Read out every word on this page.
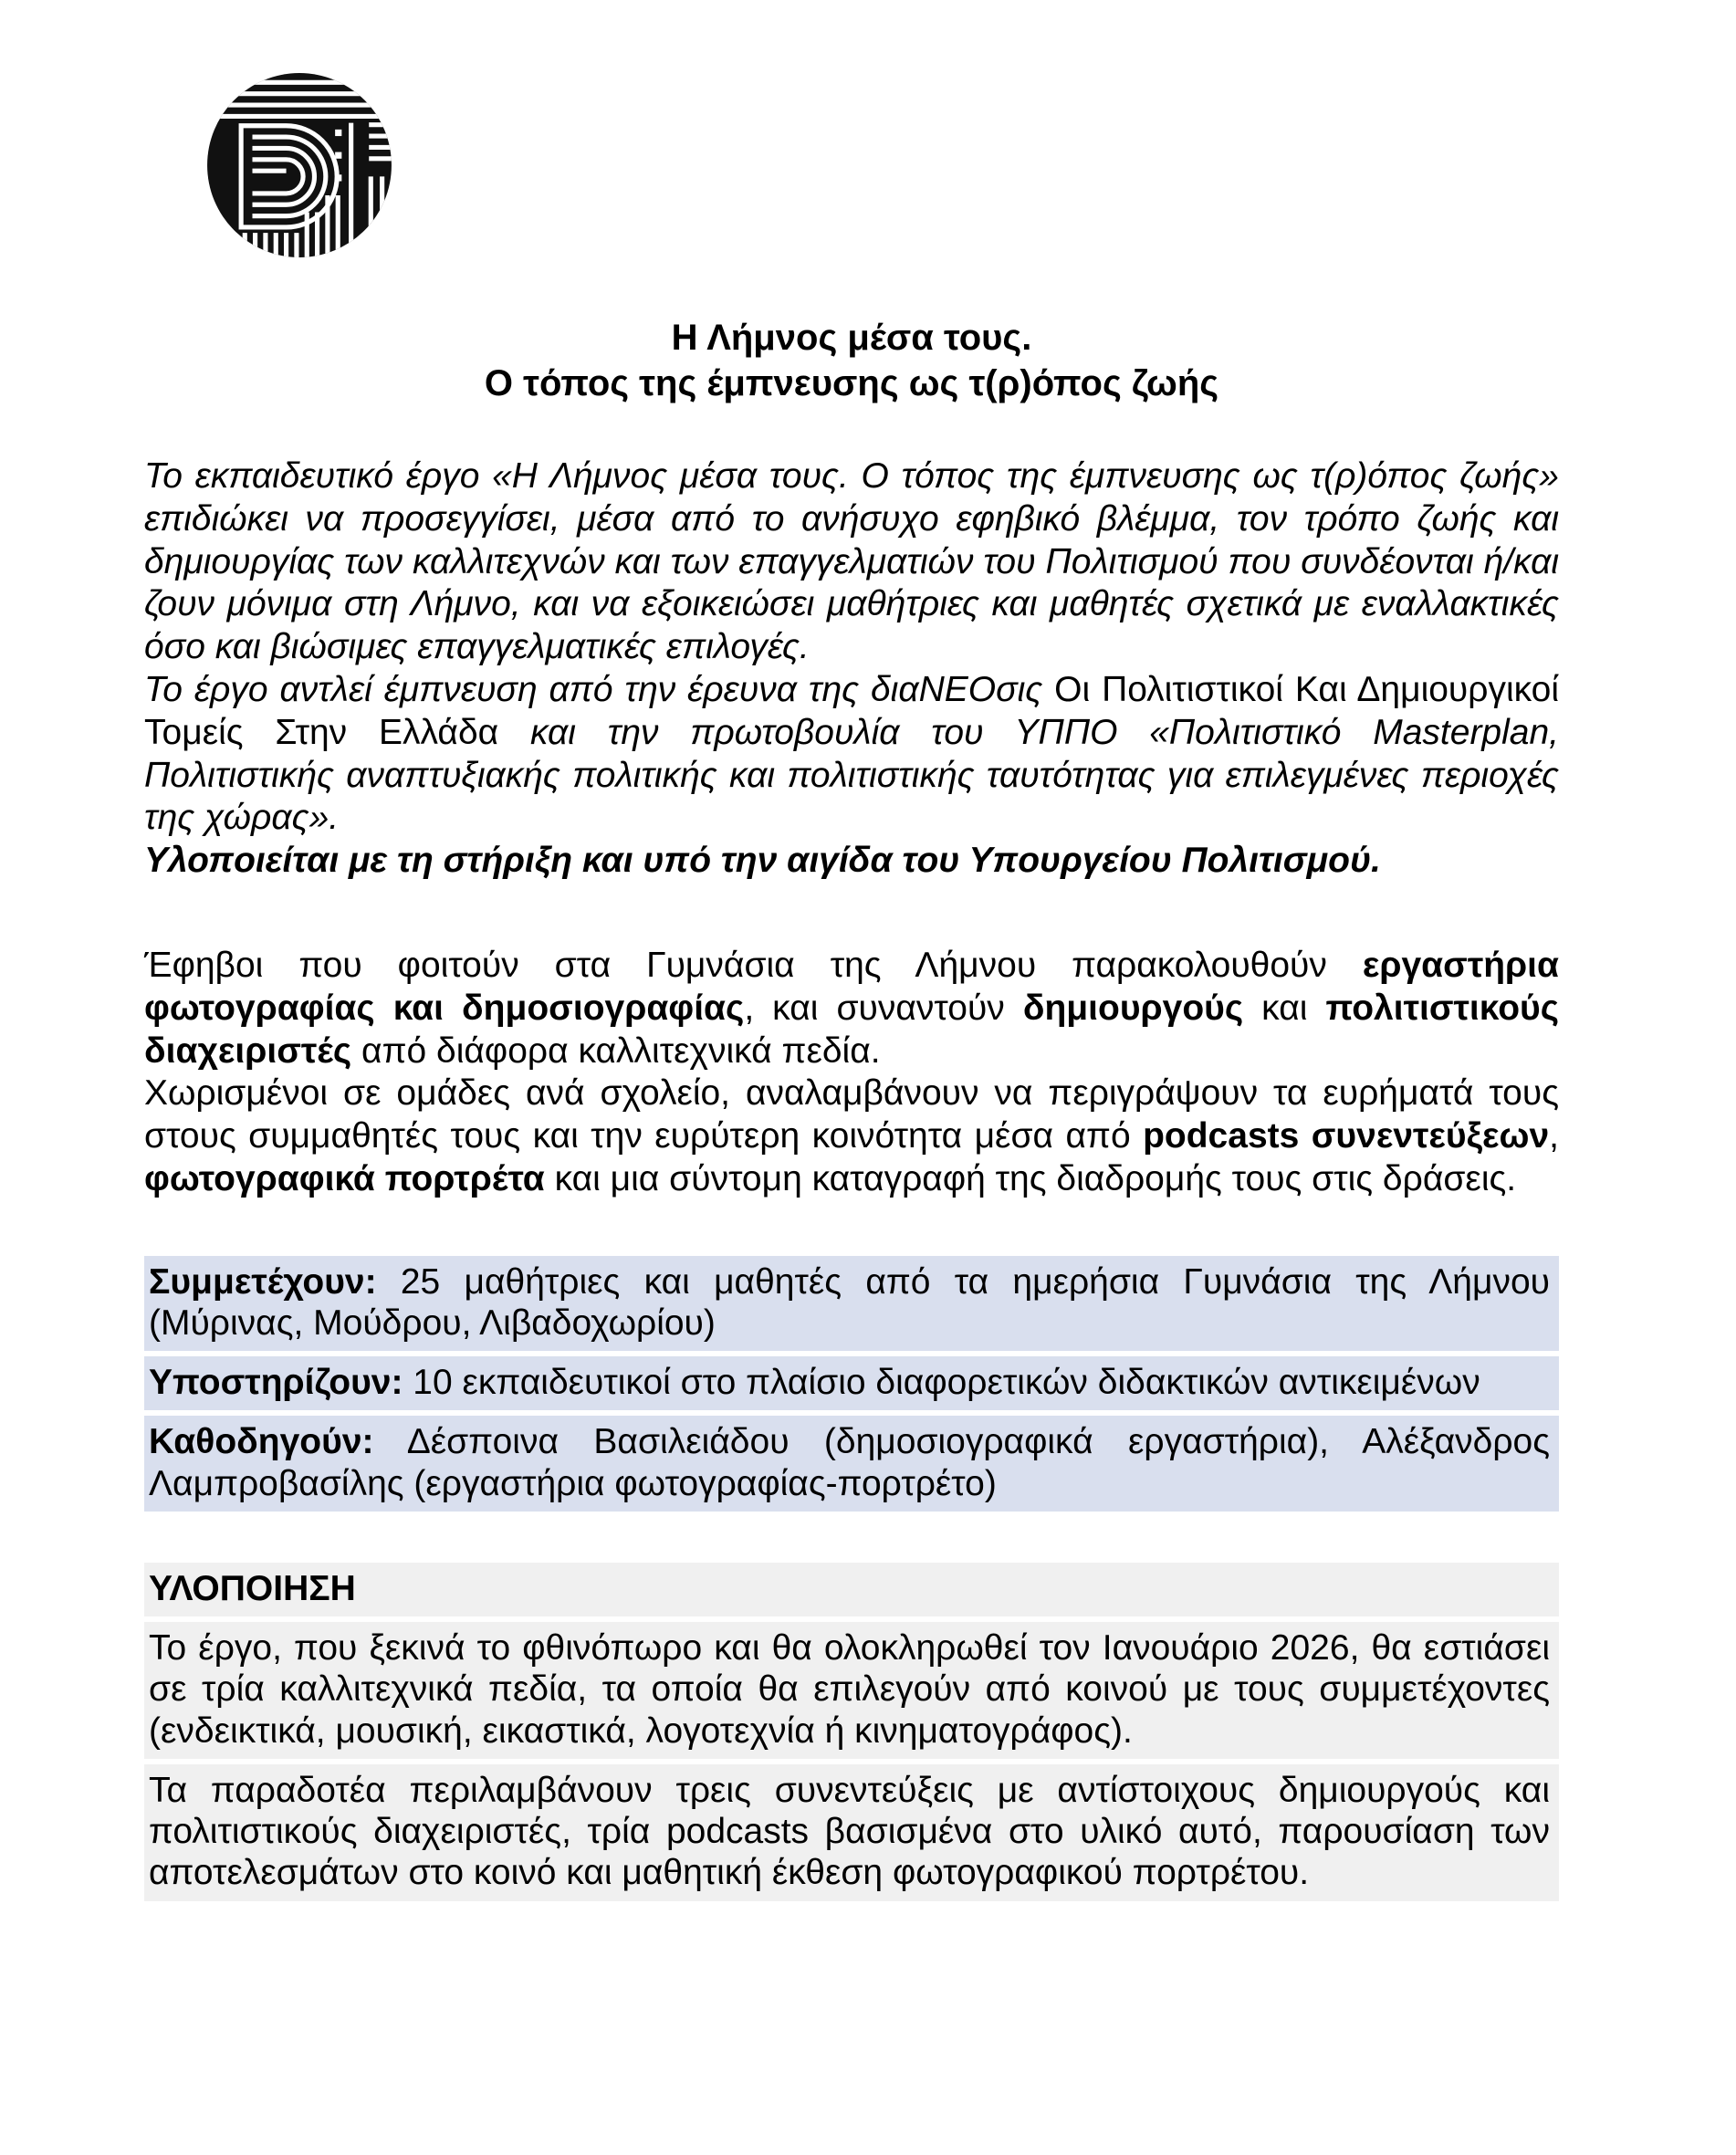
Η Λήμνος μέσα τους.
Ο τόπος της έμπνευσης ως τ(ρ)όπος ζωής

Το εκπαιδευτικό έργο «Η Λήμνος μέσα τους. Ο τόπος της έμπνευσης ως τ(ρ)όπος ζωής» επιδιώκει να προσεγγίσει, μέσα από το ανήσυχο εφηβικό βλέμμα, τον τρόπο ζωής και δημιουργίας των καλλιτεχνών και των επαγγελματιών του Πολιτισμού που συνδέονται ή/και ζουν μόνιμα στη Λήμνο, και να εξοικειώσει μαθήτριες και μαθητές σχετικά με εναλλακτικές όσο και βιώσιμες επαγγελματικές επιλογές.

Το έργο αντλεί έμπνευση από την έρευνα της διαΝΕΟσις Οι Πολιτιστικοί Και Δημιουργικοί Τομείς Στην Ελλάδα και την πρωτοβουλία του ΥΠΠΟ «Πολιτιστικό Masterplan, Πολιτιστικής αναπτυξιακής πολιτικής και πολιτιστικής ταυτότητας για επιλεγμένες περιοχές της χώρας».

Υλοποιείται με τη στήριξη και υπό την αιγίδα του Υπουργείου Πολιτισμού.

Έφηβοι που φοιτούν στα Γυμνάσια της Λήμνου παρακολουθούν εργαστήρια φωτογραφίας και δημοσιογραφίας, και συναντούν δημιουργούς και πολιτιστικούς διαχειριστές από διάφορα καλλιτεχνικά πεδία.

Χωρισμένοι σε ομάδες ανά σχολείο, αναλαμβάνουν να περιγράψουν τα ευρήματά τους στους συμμαθητές τους και την ευρύτερη κοινότητα μέσα από podcasts συνεντεύξεων, φωτογραφικά πορτρέτα και μια σύντομη καταγραφή της διαδρομής τους στις δράσεις.

Συμμετέχουν: 25 μαθήτριες και μαθητές από τα ημερήσια Γυμνάσια της Λήμνου (Μύρινας, Μούδρου, Λιβαδοχωρίου)

Υποστηρίζουν: 10 εκπαιδευτικοί στο πλαίσιο διαφορετικών διδακτικών αντικειμένων

Καθοδηγούν: Δέσποινα Βασιλειάδου (δημοσιογραφικά εργαστήρια), Αλέξανδρος Λαμπροβασίλης (εργαστήρια φωτογραφίας-πορτρέτο)

ΥΛΟΠΟΙΗΣΗ

Το έργο, που ξεκινά το φθινόπωρο και θα ολοκληρωθεί τον Ιανουάριο 2026, θα εστιάσει σε τρία καλλιτεχνικά πεδία, τα οποία θα επιλεγούν από κοινού με τους συμμετέχοντες (ενδεικτικά, μουσική, εικαστικά, λογοτεχνία ή κινηματογράφος).

Τα παραδοτέα περιλαμβάνουν τρεις συνεντεύξεις με αντίστοιχους δημιουργούς και πολιτιστικούς διαχειριστές, τρία podcasts βασισμένα στο υλικό αυτό, παρουσίαση των αποτελεσμάτων στο κοινό και μαθητική έκθεση φωτογραφικού πορτρέτου.
